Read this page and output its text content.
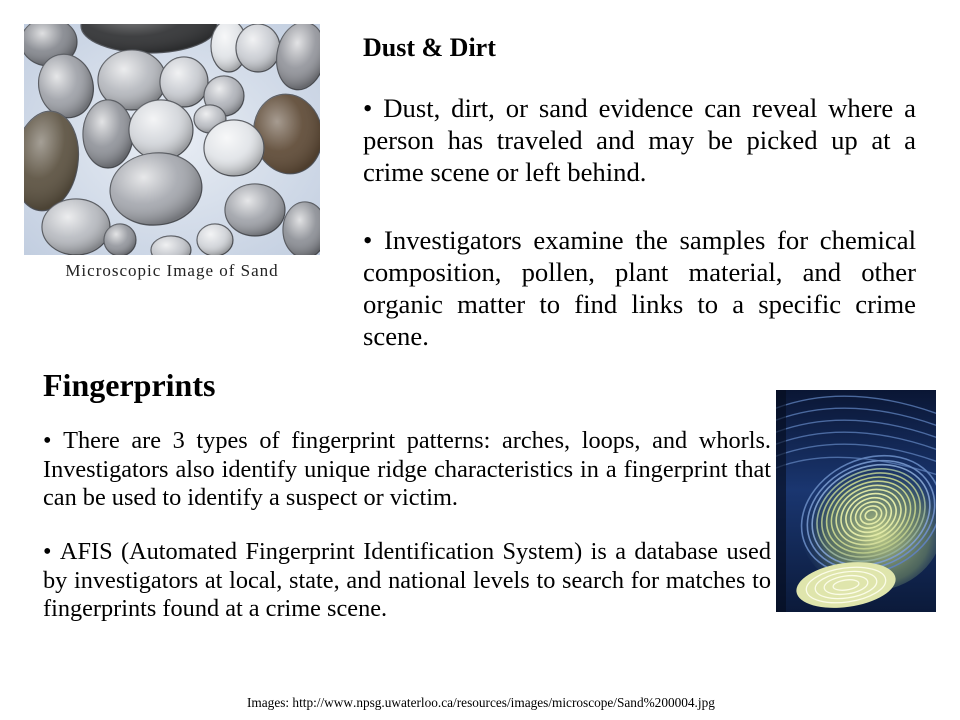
Microscopic Image of Sand
Dust & Dirt

• Dust, dirt, or sand evidence can reveal where a person has traveled and may be picked up at a crime scene or left behind.

• Investigators examine the samples for chemical composition, pollen, plant material, and other organic matter to find links to a specific crime scene.

Fingerprints

• There are 3 types of fingerprint patterns: arches, loops, and whorls. Investigators also identify unique ridge characteristics in a fingerprint that can be used to identify a suspect or victim.

• AFIS (Automated Fingerprint Identification System) is a database used by investigators at local, state, and national levels to search for matches to fingerprints found at a crime scene.

Images: http://www.npsg.uwaterloo.ca/resources/images/microscope/Sand%200004.jpg
